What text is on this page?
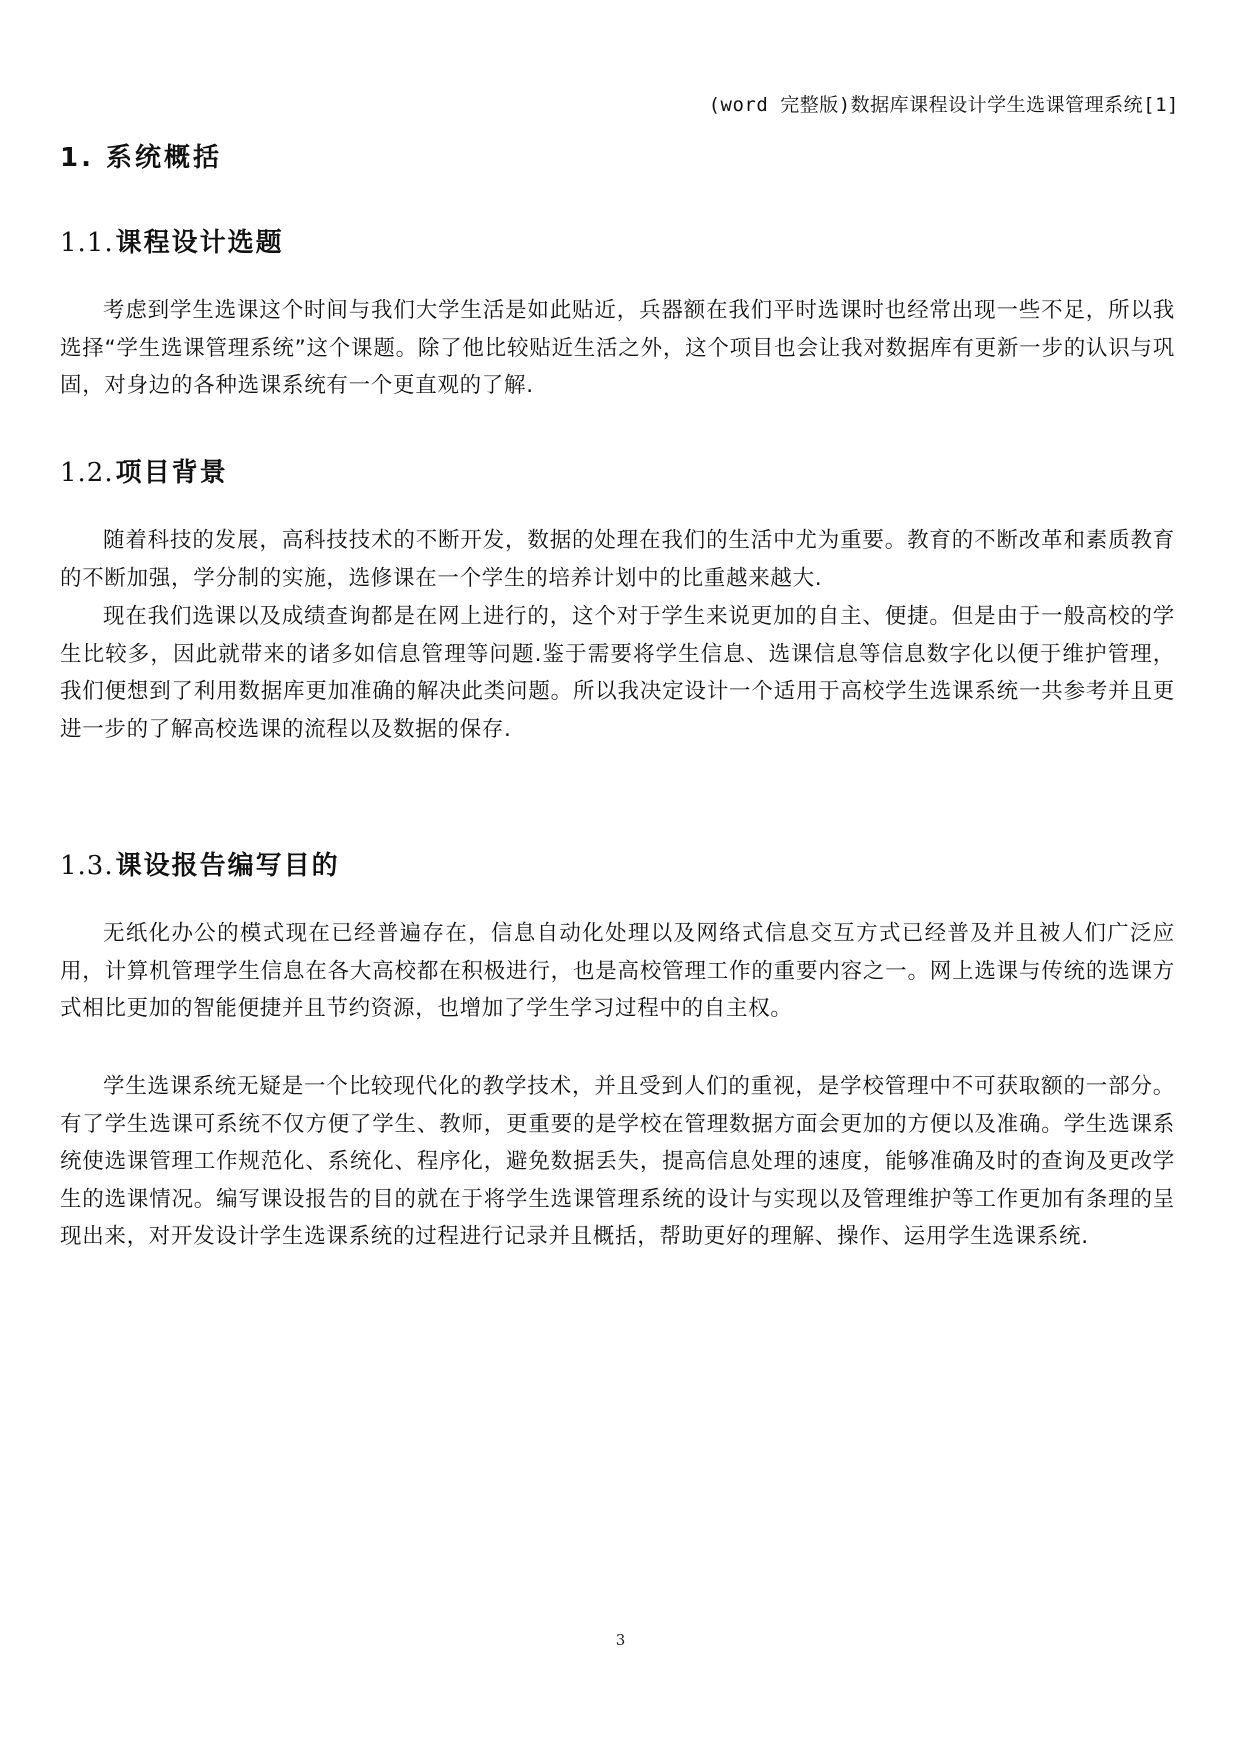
(word 完整版)数据库课程设计学生选课管理系统[1]
1. 系统概括
1.1.课程设计选题

考虑到学生选课这个时间与我们大学生活是如此贴近，兵器额在我们平时选课时也经常出现一些不足，所以我选择“学生选课管理系统”这个课题。除了他比较贴近生活之外，这个项目也会让我对数据库有更新一步的认识与巩固，对身边的各种选课系统有一个更直观的了解.

1.2.项目背景

随着科技的发展，高科技技术的不断开发，数据的处理在我们的生活中尤为重要。教育的不断改革和素质教育的不断加强，学分制的实施，选修课在一个学生的培养计划中的比重越来越大.

现在我们选课以及成绩查询都是在网上进行的，这个对于学生来说更加的自主、便捷。但是由于一般高校的学生比较多，因此就带来的诸多如信息管理等问题.鉴于需要将学生信息、选课信息等信息数字化以便于维护管理，我们便想到了利用数据库更加准确的解决此类问题。所以我决定设计一个适用于高校学生选课系统一共参考并且更进一步的了解高校选课的流程以及数据的保存.

1.3.课设报告编写目的

无纸化办公的模式现在已经普遍存在，信息自动化处理以及网络式信息交互方式已经普及并且被人们广泛应用，计算机管理学生信息在各大高校都在积极进行，也是高校管理工作的重要内容之一。网上选课与传统的选课方式相比更加的智能便捷并且节约资源，也增加了学生学习过程中的自主权。

学生选课系统无疑是一个比较现代化的教学技术，并且受到人们的重视，是学校管理中不可获取额的一部分。有了学生选课可系统不仅方便了学生、教师，更重要的是学校在管理数据方面会更加的方便以及准确。学生选课系统使选课管理工作规范化、系统化、程序化，避免数据丢失，提高信息处理的速度，能够准确及时的查询及更改学生的选课情况。编写课设报告的目的就在于将学生选课管理系统的设计与实现以及管理维护等工作更加有条理的呈现出来，对开发设计学生选课系统的过程进行记录并且概括，帮助更好的理解、操作、运用学生选课系统.

3
